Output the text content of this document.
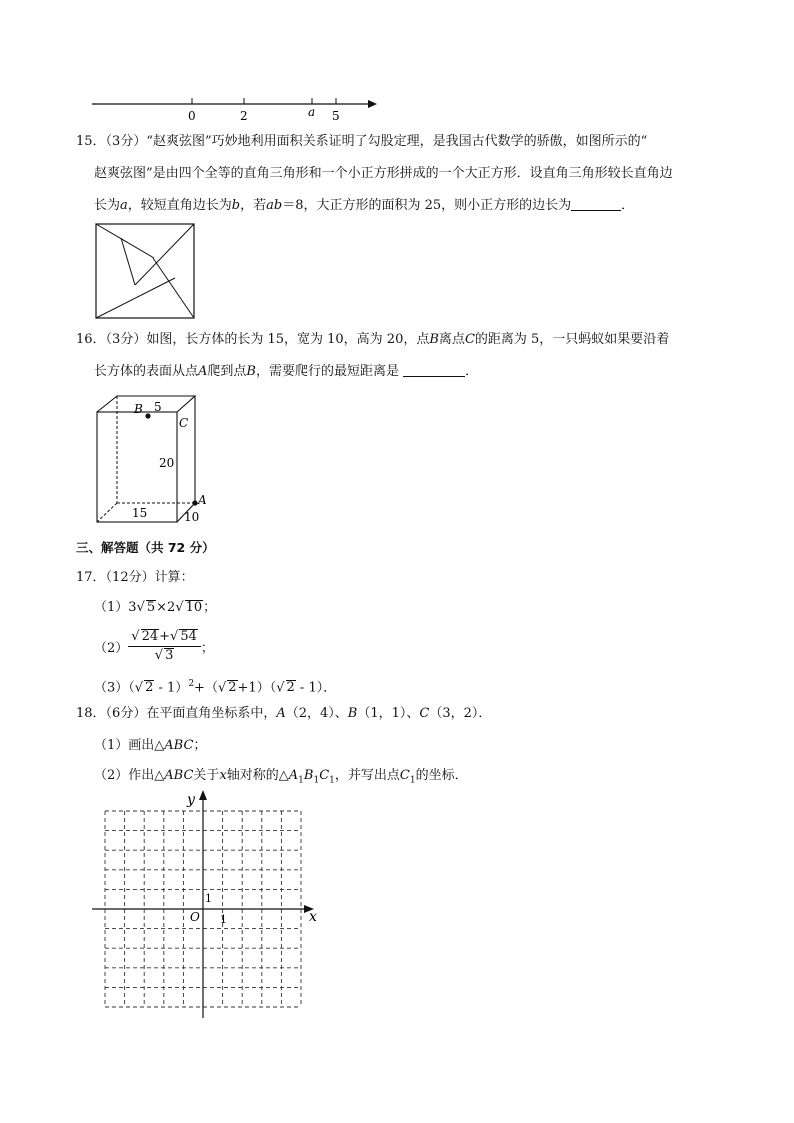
0	2	a 5
15．（3分）“赵爽弦图”巧妙地利用面积关系证明了勾股定理，是我国古代数学的骄傲，如图所示的“
赵爽弦图”是由四个全等的直角三角形和一个小正方形拼成的一个大正方形．设直角三角形较长直角边
长为a，较短直角边长为b，若ab＝8，大正方形的面积为 25，则小正方形的边长为	．
16．（3分）如图，长方体的长为 15，宽为 10，高为 20，点B离点C的距离为 5，一只蚂蚁如果要沿着
长方体的表面从点A爬到点B，需要爬行的最短距离是	．
B 5
C
20
A
15	10
三、解答题（共 72 分）
17．（12分）计算：
（1）3√ 5×2√ 10；
$(2) \frac{√ 24+√ 54}{√ 3}$ ；
（3）（√ 2 - 1）$^2$+（√ 2+1）（√ 2 - 1）．
18．（6分）在平面直角坐标系中，A（2，4）、B（1，1）、C（3，2）．
（1）画出△ABC；
（2）作出△ABC关于x轴对称的$\triangle A_1B_1C_1$，并写出点$C_1$的坐标．
x
y
O
1
1
